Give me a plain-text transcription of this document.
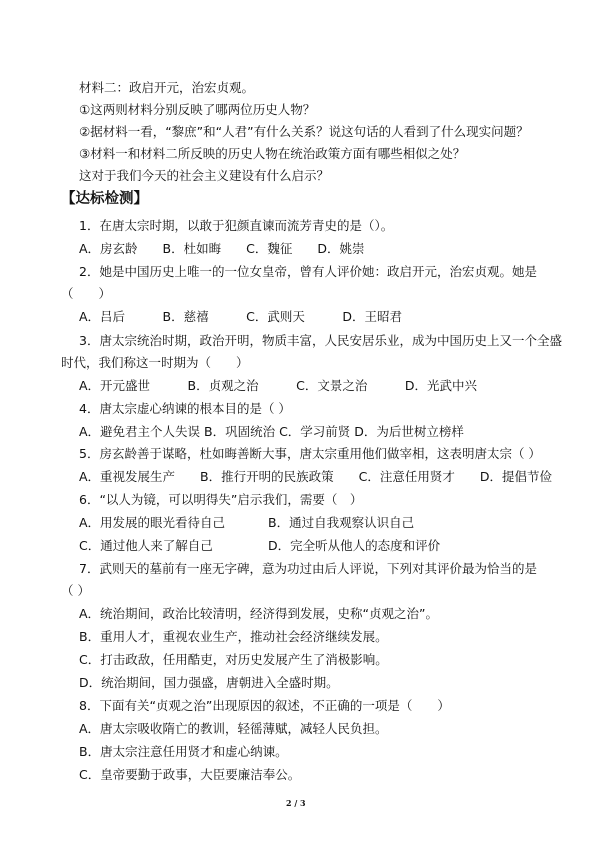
材料二：政启开元，治宏贞观。
①这两则材料分别反映了哪两位历史人物？
②据材料一看，“黎庶”和“人君”有什么关系？说这句话的人看到了什么现实问题？
③材料一和材料二所反映的历史人物在统治政策方面有哪些相似之处？
这对于我们今天的社会主义建设有什么启示？
【达标检测】
1．在唐太宗时期，以敢于犯颜直谏而流芳青史的是（）。
A．房玄龄　　B．杜如晦　　C．魏征　　D．姚崇
2．她是中国历史上唯一的一位女皇帝，曾有人评价她：政启开元，治宏贞观。她是
（　　）
A．吕后　　　B．慈禧　　　C．武则天　　　D．王昭君
3．唐太宗统治时期，政治开明，物质丰富，人民安居乐业，成为中国历史上又一个全盛
时代，我们称这一时期为（　　）
A．开元盛世　　　B．贞观之治　　　C．文景之治　　　D．光武中兴
4．唐太宗虚心纳谏的根本目的是（ ）
A．避免君主个人失误 B．巩固统治 C．学习前贤 D．为后世树立榜样
5．房玄龄善于谋略，杜如晦善断大事，唐太宗重用他们做宰相，这表明唐太宗（ ）
A．重视发展生产　　B．推行开明的民族政策　　C．注意任用贤才　　D．提倡节俭
6．“以人为镜，可以明得失”启示我们，需要（　）
A．用发展的眼光看待自己	B．通过自我观察认识自己
C．通过他人来了解自己	D．完全听从他人的态度和评价
7．武则天的墓前有一座无字碑，意为功过由后人评说，下列对其评价最为恰当的是
（ ）
A．统治期间，政治比较清明，经济得到发展，史称“贞观之治”。
B．重用人才，重视农业生产，推动社会经济继续发展。
C．打击政敌，任用酷吏，对历史发展产生了消极影响。
D．统治期间，国力强盛，唐朝进入全盛时期。
8．下面有关“贞观之治”出现原因的叙述，不正确的一项是（　　）
A．唐太宗吸收隋亡的教训，轻徭薄赋，减轻人民负担。
B．唐太宗注意任用贤才和虚心纳谏。
C．皇帝要勤于政事，大臣要廉洁奉公。
2 / 3
